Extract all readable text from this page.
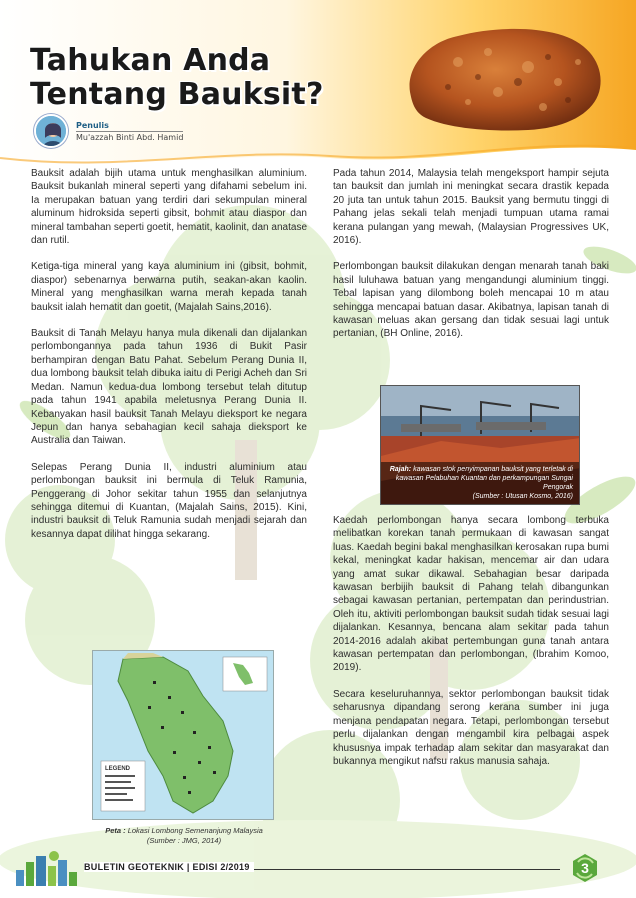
Tahukan Anda
Tentang Bauksit?
Penulis
Mu'azzah Binti Abd. Hamid

Bauksit adalah bijih utama untuk menghasilkan aluminium. Bauksit bukanlah mineral seperti yang difahami sebelum ini. Ia merupakan batuan yang terdiri dari sekumpulan mineral aluminum hidroksida seperti gibsit, bohmit atau diaspor dan mineral tambahan seperti goetit, hematit, kaolinit, dan anatase dan rutil.

Ketiga-tiga mineral yang kaya aluminium ini (gibsit, bohmit, diaspor) sebenarnya berwarna putih, seakan-akan kaolin. Mineral yang menghasilkan warna merah kepada tanah bauksit ialah hematit dan goetit, (Majalah Sains,2016).

Bauksit di Tanah Melayu hanya mula dikenali dan dijalankan perlombongannya pada tahun 1936 di Bukit Pasir berhampiran dengan Batu Pahat. Sebelum Perang Dunia II, dua lombong bauksit telah dibuka iaitu di Perigi Acheh dan Sri Medan. Namun kedua-dua lombong tersebut telah ditutup pada tahun 1941 apabila meletusnya Perang Dunia II. Kebanyakan hasil bauksit Tanah Melayu dieksport ke negara Jepun dan hanya sebahagian kecil sahaja dieksport ke Australia dan Taiwan.

Selepas Perang Dunia II, industri aluminium atau perlombongan bauksit ini bermula di Teluk Ramunia, Penggerang di Johor sekitar tahun 1955 dan selanjutnya sehingga ditemui di Kuantan, (Majalah Sains, 2015). Kini, industri bauksit di Teluk Ramunia sudah menjadi sejarah dan kesannya dapat dilihat hingga sekarang.

Pada tahun 2014, Malaysia telah mengeksport hampir sejuta tan bauksit dan jumlah ini meningkat secara drastik kepada 20 juta tan untuk tahun 2015. Bauksit yang bermutu tinggi di Pahang jelas sekali telah menjadi tumpuan utama ramai kerana pulangan yang mewah, (Malaysian Progressives UK, 2016).

Perlombongan bauksit dilakukan dengan menarah tanah baki hasil luluhawa batuan yang mengandungi aluminium tinggi. Tebal lapisan yang dilombong boleh mencapai 10 m atau sehingga mencapai batuan dasar. Akibatnya, lapisan tanah di kawasan meluas akan gersang dan tidak sesuai lagi untuk pertanian, (BH Online, 2016).

Rajah: kawasan stok penyimpanan bauksit yang terletak di kawasan Pelabuhan Kuantan dan perkampungan Sungai Pengorak
(Sumber : Utusan Kosmo, 2016)

Kaedah perlombongan hanya secara lombong terbuka melibatkan korekan tanah permukaan di kawasan sangat luas. Kaedah begini bakal menghasilkan kerosakan rupa bumi kekal, meningkat kadar hakisan, mencemar air dan udara yang amat sukar dikawal. Sebahagian besar daripada kawasan berbijih bauksit di Pahang telah dibangunkan sebagai kawasan pertanian, pertempatan dan perindustrian. Oleh itu, aktiviti perlombongan bauksit sudah tidak sesuai lagi dijalankan. Kesannya, bencana alam sekitar pada tahun 2014-2016 adalah akibat pertembungan guna tanah antara kawasan pertempatan dan perlombongan, (Ibrahim Komoo, 2019).

Secara keseluruhannya, sektor perlombongan bauksit tidak seharusnya dipandang serong kerana sumber ini juga menjana pendapatan negara. Tetapi, perlombongan tersebut perlu dijalankan dengan mengambil kira pelbagai aspek khususnya impak terhadap alam sekitar dan masyarakat dan bukannya mengikut nafsu rakus manusia sahaja.

LEGEND
Peta : Lokasi Lombong Semenanjung Malaysia
(Sumber : JMG, 2014)
BULETIN GEOTEKNIK | EDISI 2/2019	3
